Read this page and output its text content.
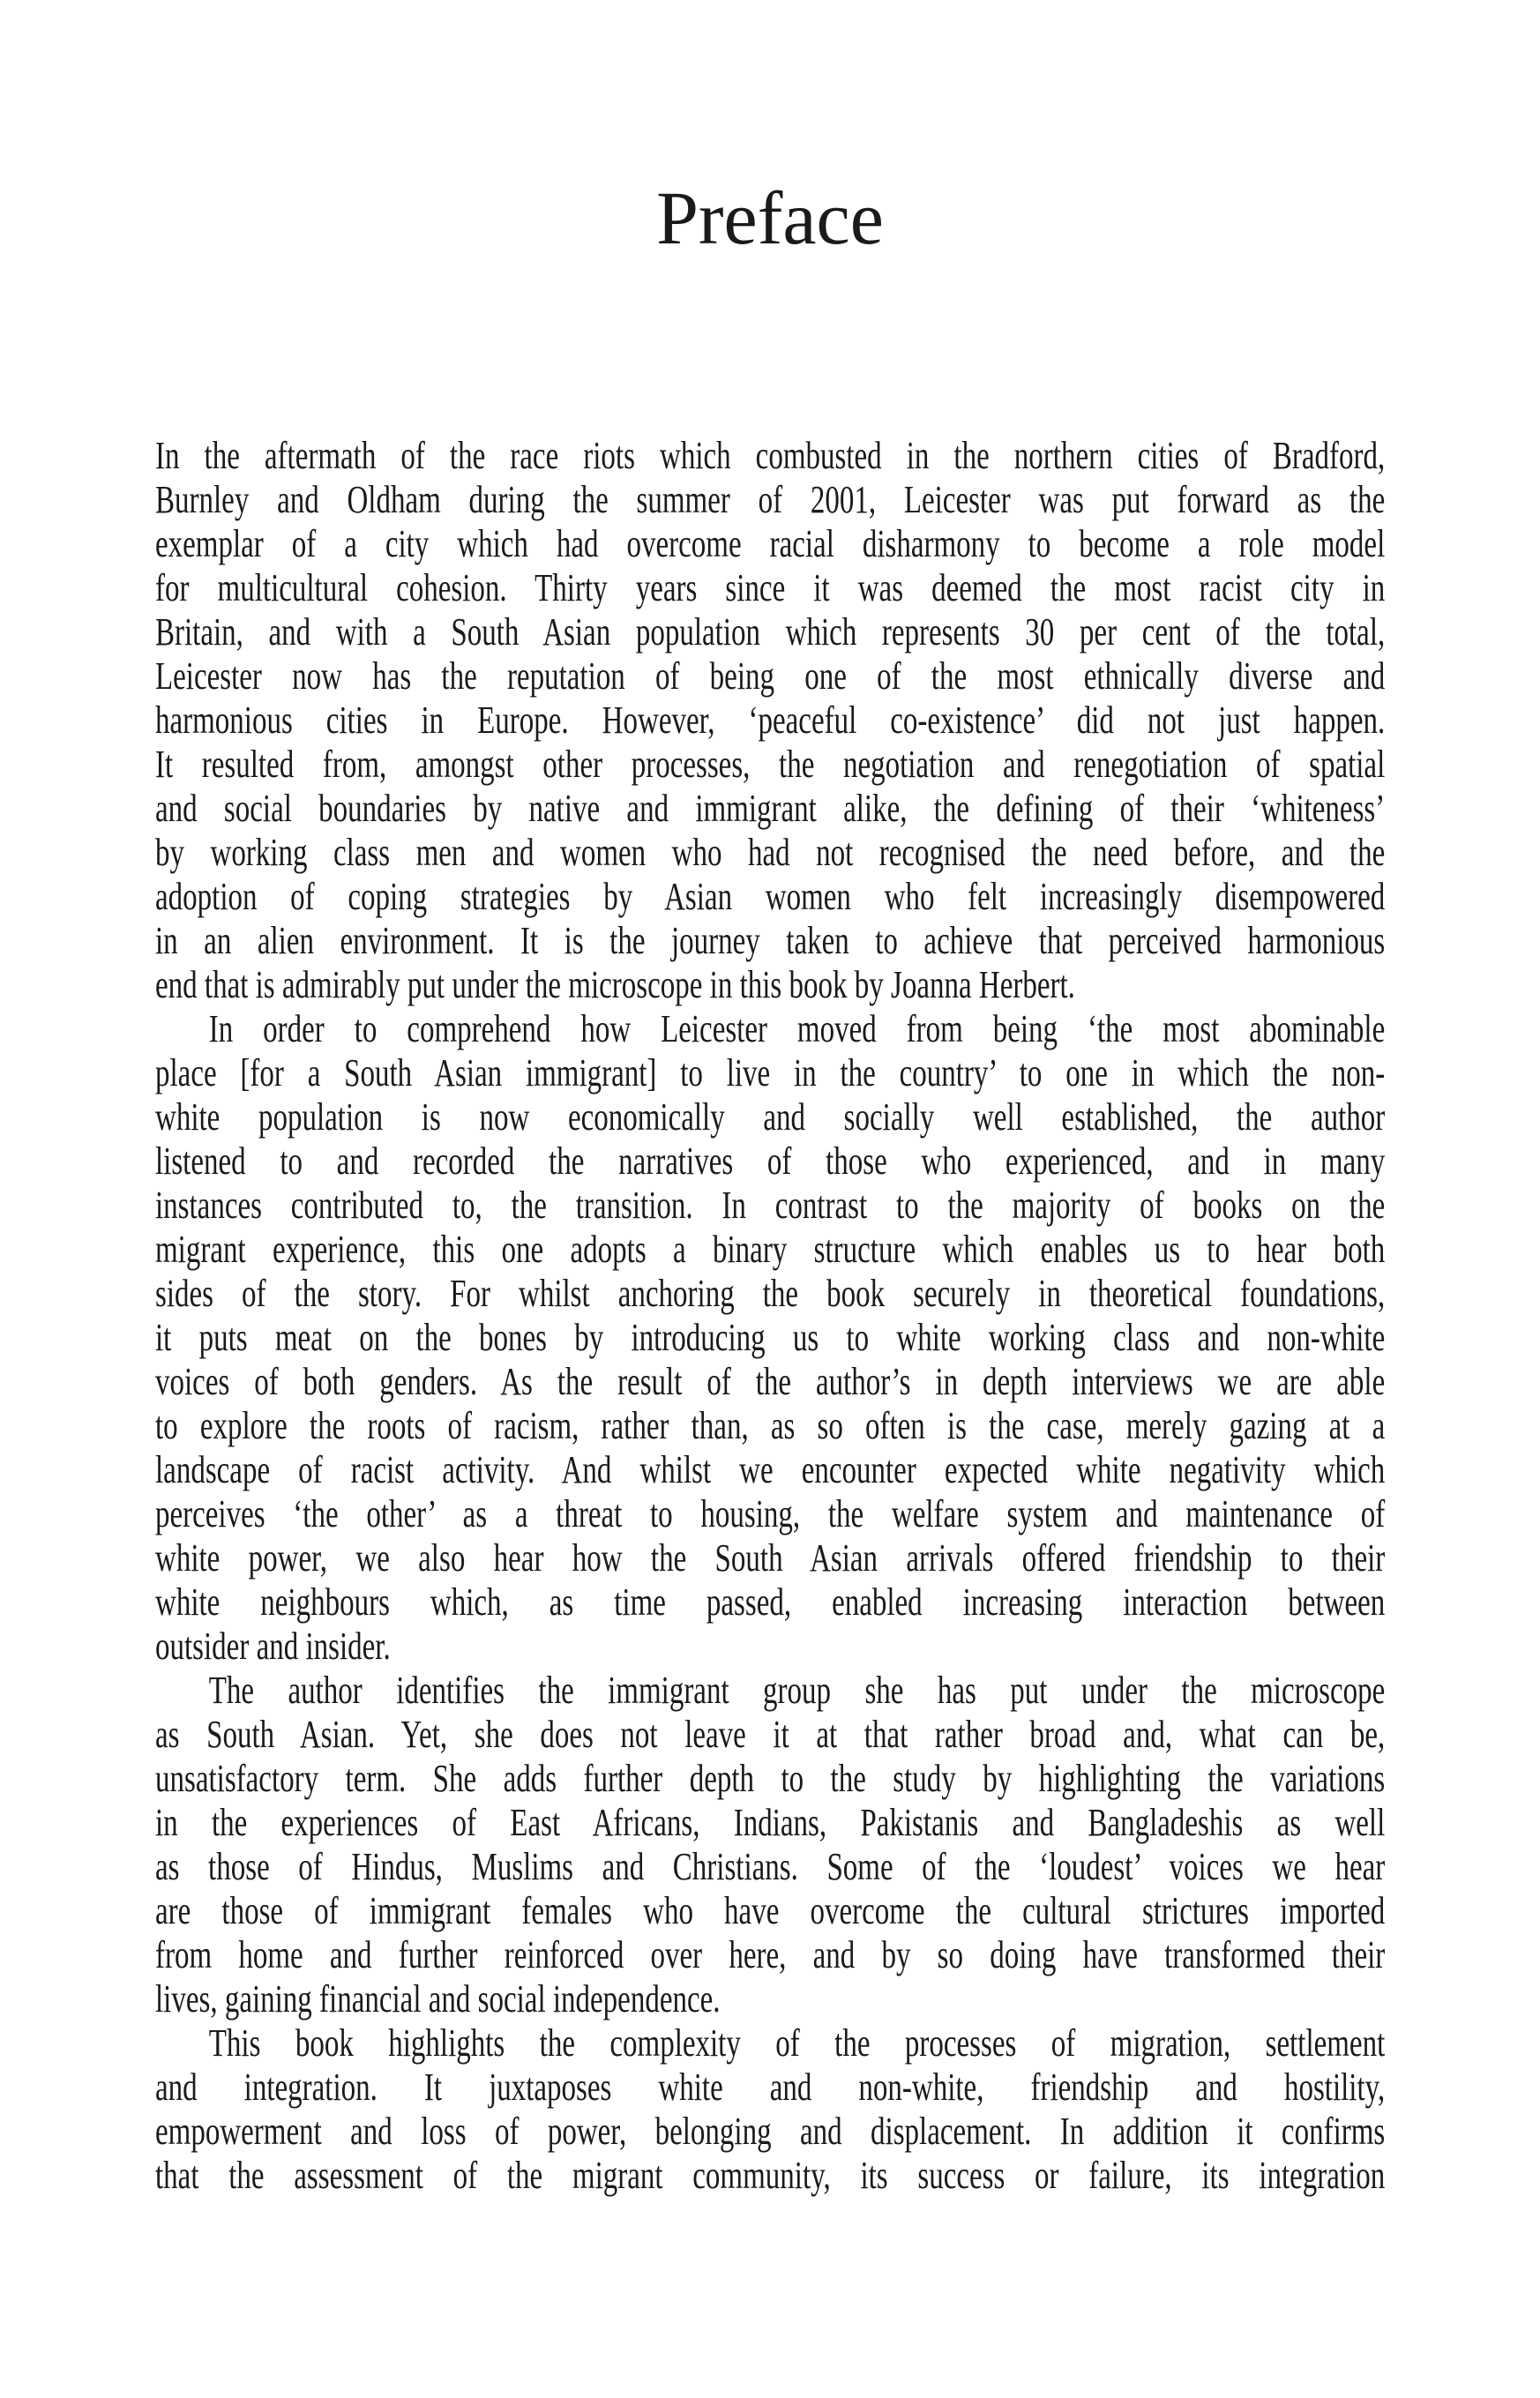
Preface
In the aftermath of the race riots which combusted in the northern cities of Bradford,
Burnley and Oldham during the summer of 2001, Leicester was put forward as the
exemplar of a city which had overcome racial disharmony to become a role model
for multicultural cohesion. Thirty years since it was deemed the most racist city in
Britain, and with a South Asian population which represents 30 per cent of the total,
Leicester now has the reputation of being one of the most ethnically diverse and
harmonious cities in Europe. However, ‘peaceful co-existence’ did not just happen.
It resulted from, amongst other processes, the negotiation and renegotiation of spatial
and social boundaries by native and immigrant alike, the defining of their ‘whiteness’
by working class men and women who had not recognised the need before, and the
adoption of coping strategies by Asian women who felt increasingly disempowered
in an alien environment. It is the journey taken to achieve that perceived harmonious
end that is admirably put under the microscope in this book by Joanna Herbert.
In order to comprehend how Leicester moved from being ‘the most abominable
place [for a South Asian immigrant] to live in the country’ to one in which the non-
white population is now economically and socially well established, the author
listened to and recorded the narratives of those who experienced, and in many
instances contributed to, the transition. In contrast to the majority of books on the
migrant experience, this one adopts a binary structure which enables us to hear both
sides of the story. For whilst anchoring the book securely in theoretical foundations,
it puts meat on the bones by introducing us to white working class and non-white
voices of both genders. As the result of the author’s in depth interviews we are able
to explore the roots of racism, rather than, as so often is the case, merely gazing at a
landscape of racist activity. And whilst we encounter expected white negativity which
perceives ‘the other’ as a threat to housing, the welfare system and maintenance of
white power, we also hear how the South Asian arrivals offered friendship to their
white neighbours which, as time passed, enabled increasing interaction between
outsider and insider.
The author identifies the immigrant group she has put under the microscope
as South Asian. Yet, she does not leave it at that rather broad and, what can be,
unsatisfactory term. She adds further depth to the study by highlighting the variations
in the experiences of East Africans, Indians, Pakistanis and Bangladeshis as well
as those of Hindus, Muslims and Christians. Some of the ‘loudest’ voices we hear
are those of immigrant females who have overcome the cultural strictures imported
from home and further reinforced over here, and by so doing have transformed their
lives, gaining financial and social independence.
This book highlights the complexity of the processes of migration, settlement
and integration. It juxtaposes white and non-white, friendship and hostility,
empowerment and loss of power, belonging and displacement. In addition it confirms
that the assessment of the migrant community, its success or failure, its integration
